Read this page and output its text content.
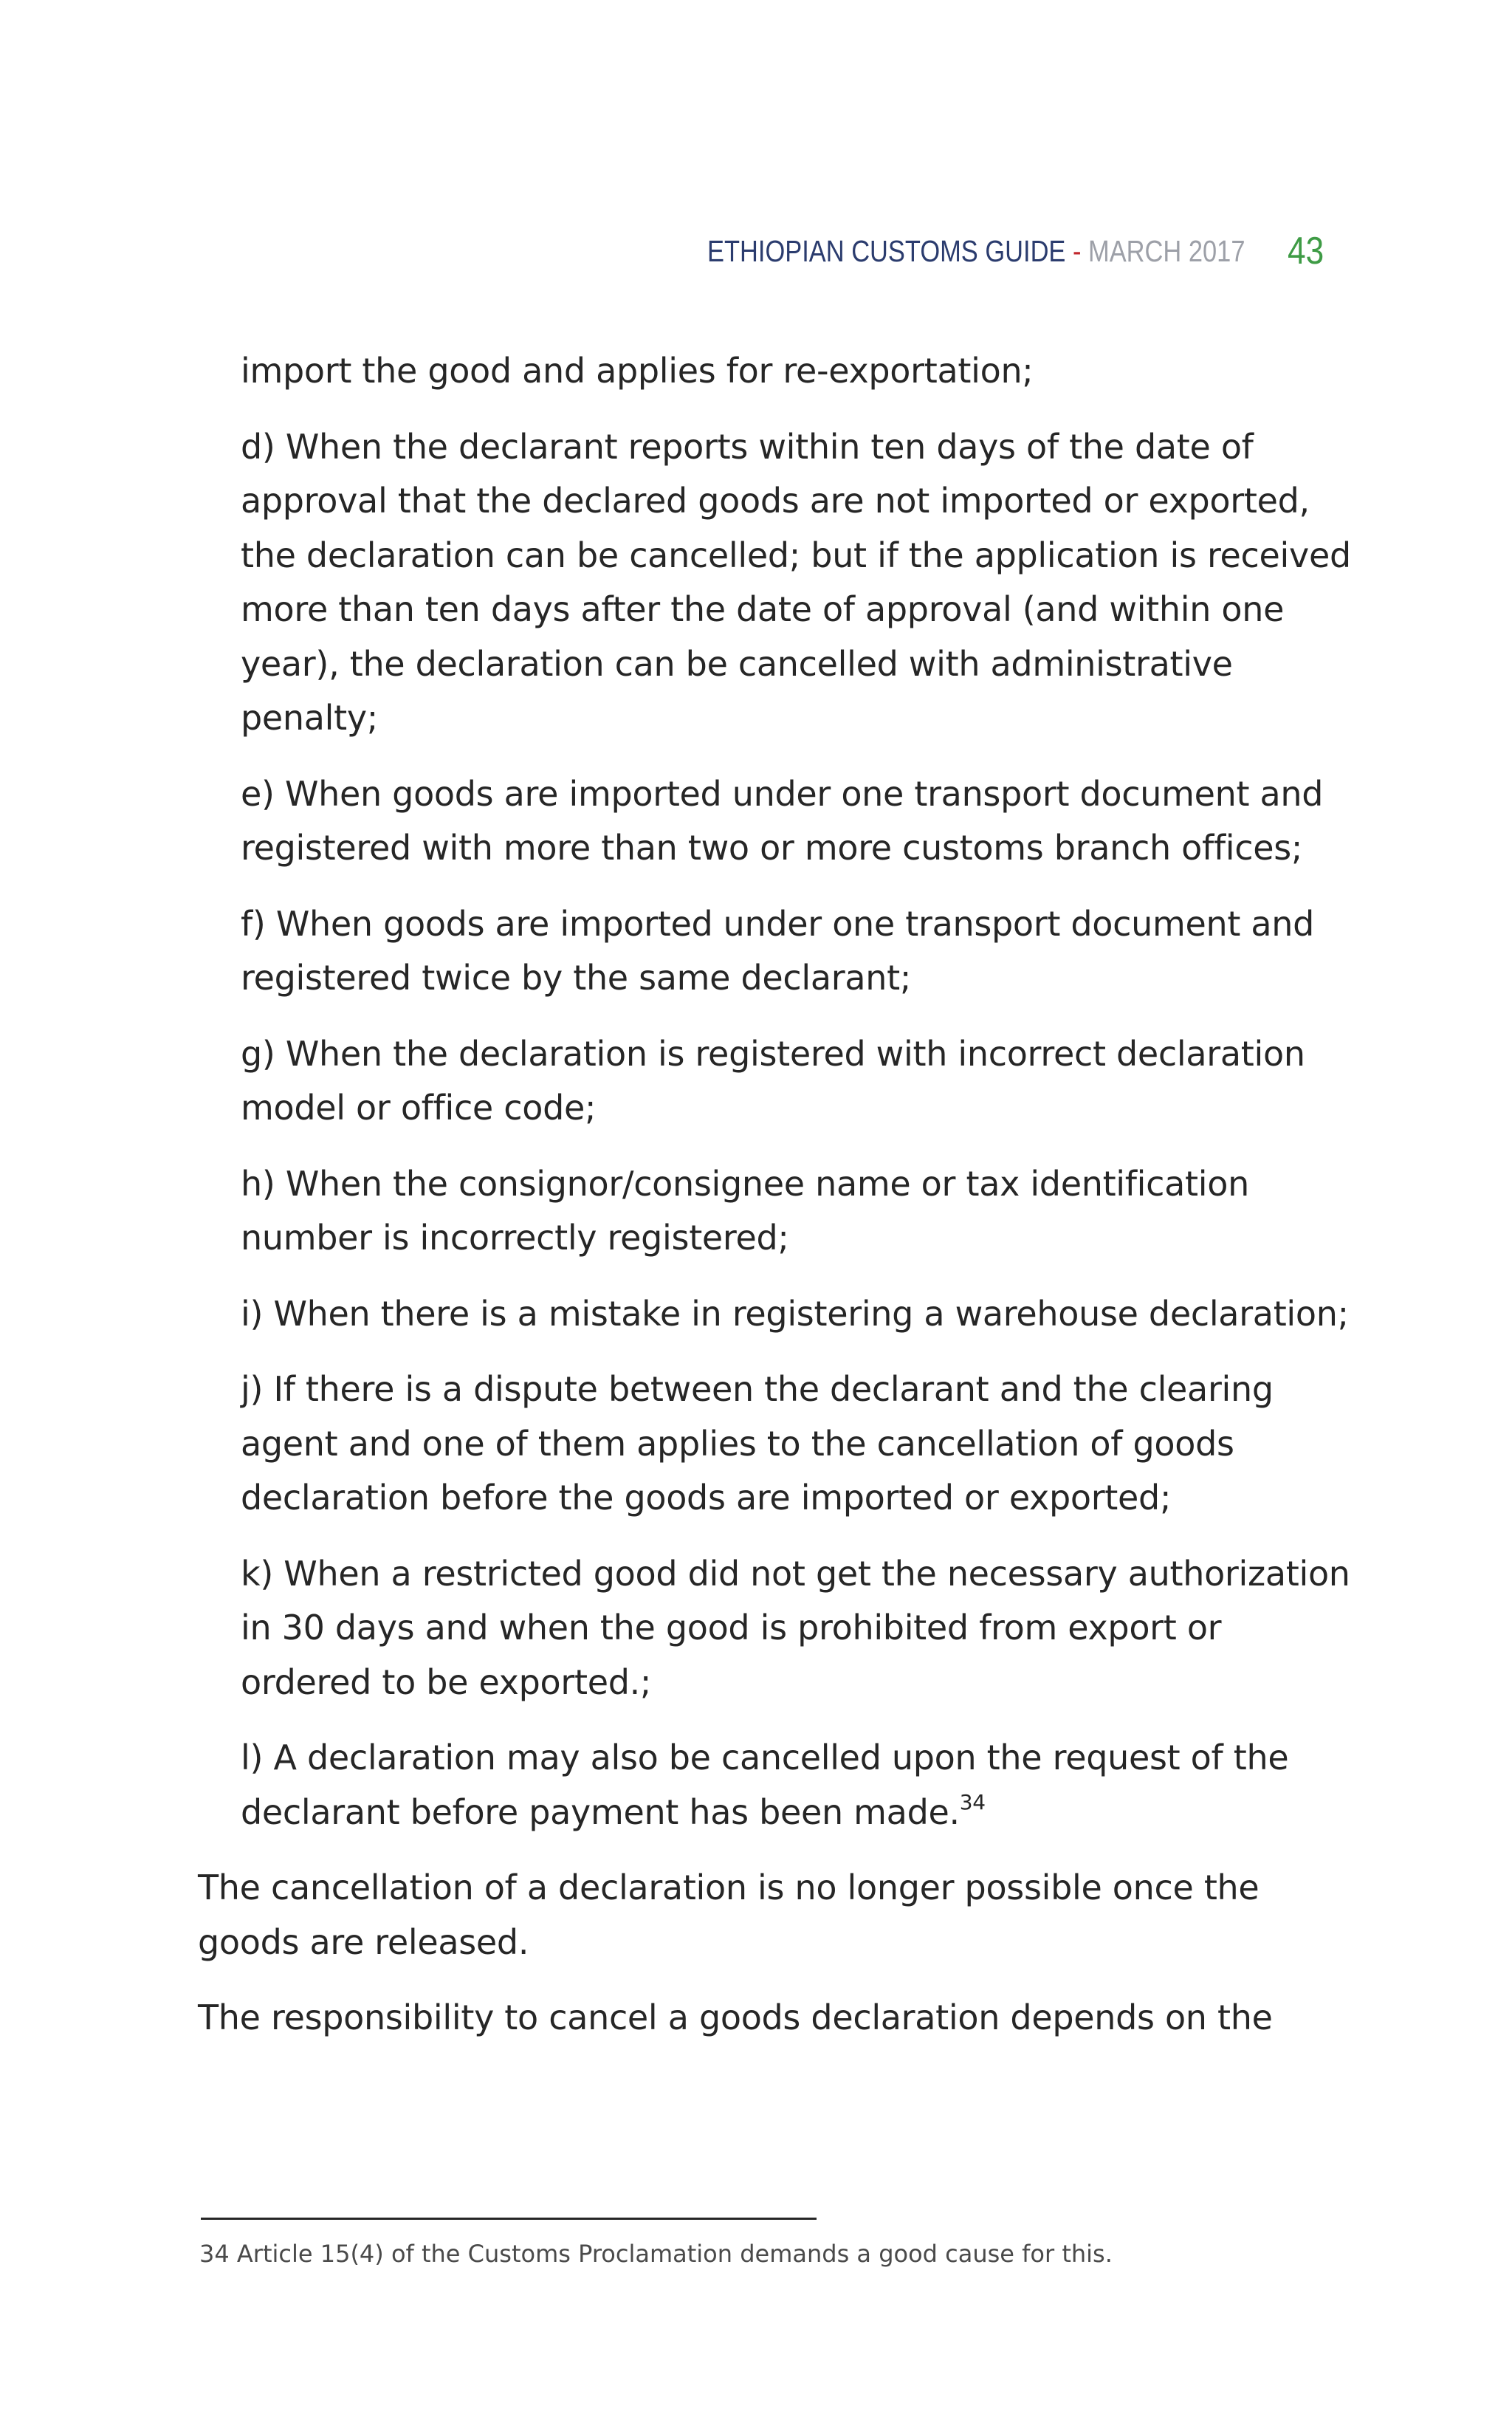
ETHIOPIAN CUSTOMS GUIDE - MARCH 2017 43

import the good and applies for re-exportation;

d) When the declarant reports within ten days of the date of
approval that the declared goods are not imported or exported,
the declaration can be cancelled; but if the application is received
more than ten days after the date of approval (and within one
year), the declaration can be cancelled with administrative
penalty;

e) When goods are imported under one transport document and
registered with more than two or more customs branch offices;

f) When goods are imported under one transport document and
registered twice by the same declarant;

g) When the declaration is registered with incorrect declaration
model or office code;

h) When the consignor/consignee name or tax identification
number is incorrectly registered;

i) When there is a mistake in registering a warehouse declaration;

j) If there is a dispute between the declarant and the clearing
agent and one of them applies to the cancellation of goods
declaration before the goods are imported or exported;

k) When a restricted good did not get the necessary authorization
in 30 days and when the good is prohibited from export or
ordered to be exported.;

l) A declaration may also be cancelled upon the request of the
declarant before payment has been made.$^{34}$

The cancellation of a declaration is no longer possible once the
goods are released.

The responsibility to cancel a goods declaration depends on the

34 Article 15(4) of the Customs Proclamation demands a good cause for this.
